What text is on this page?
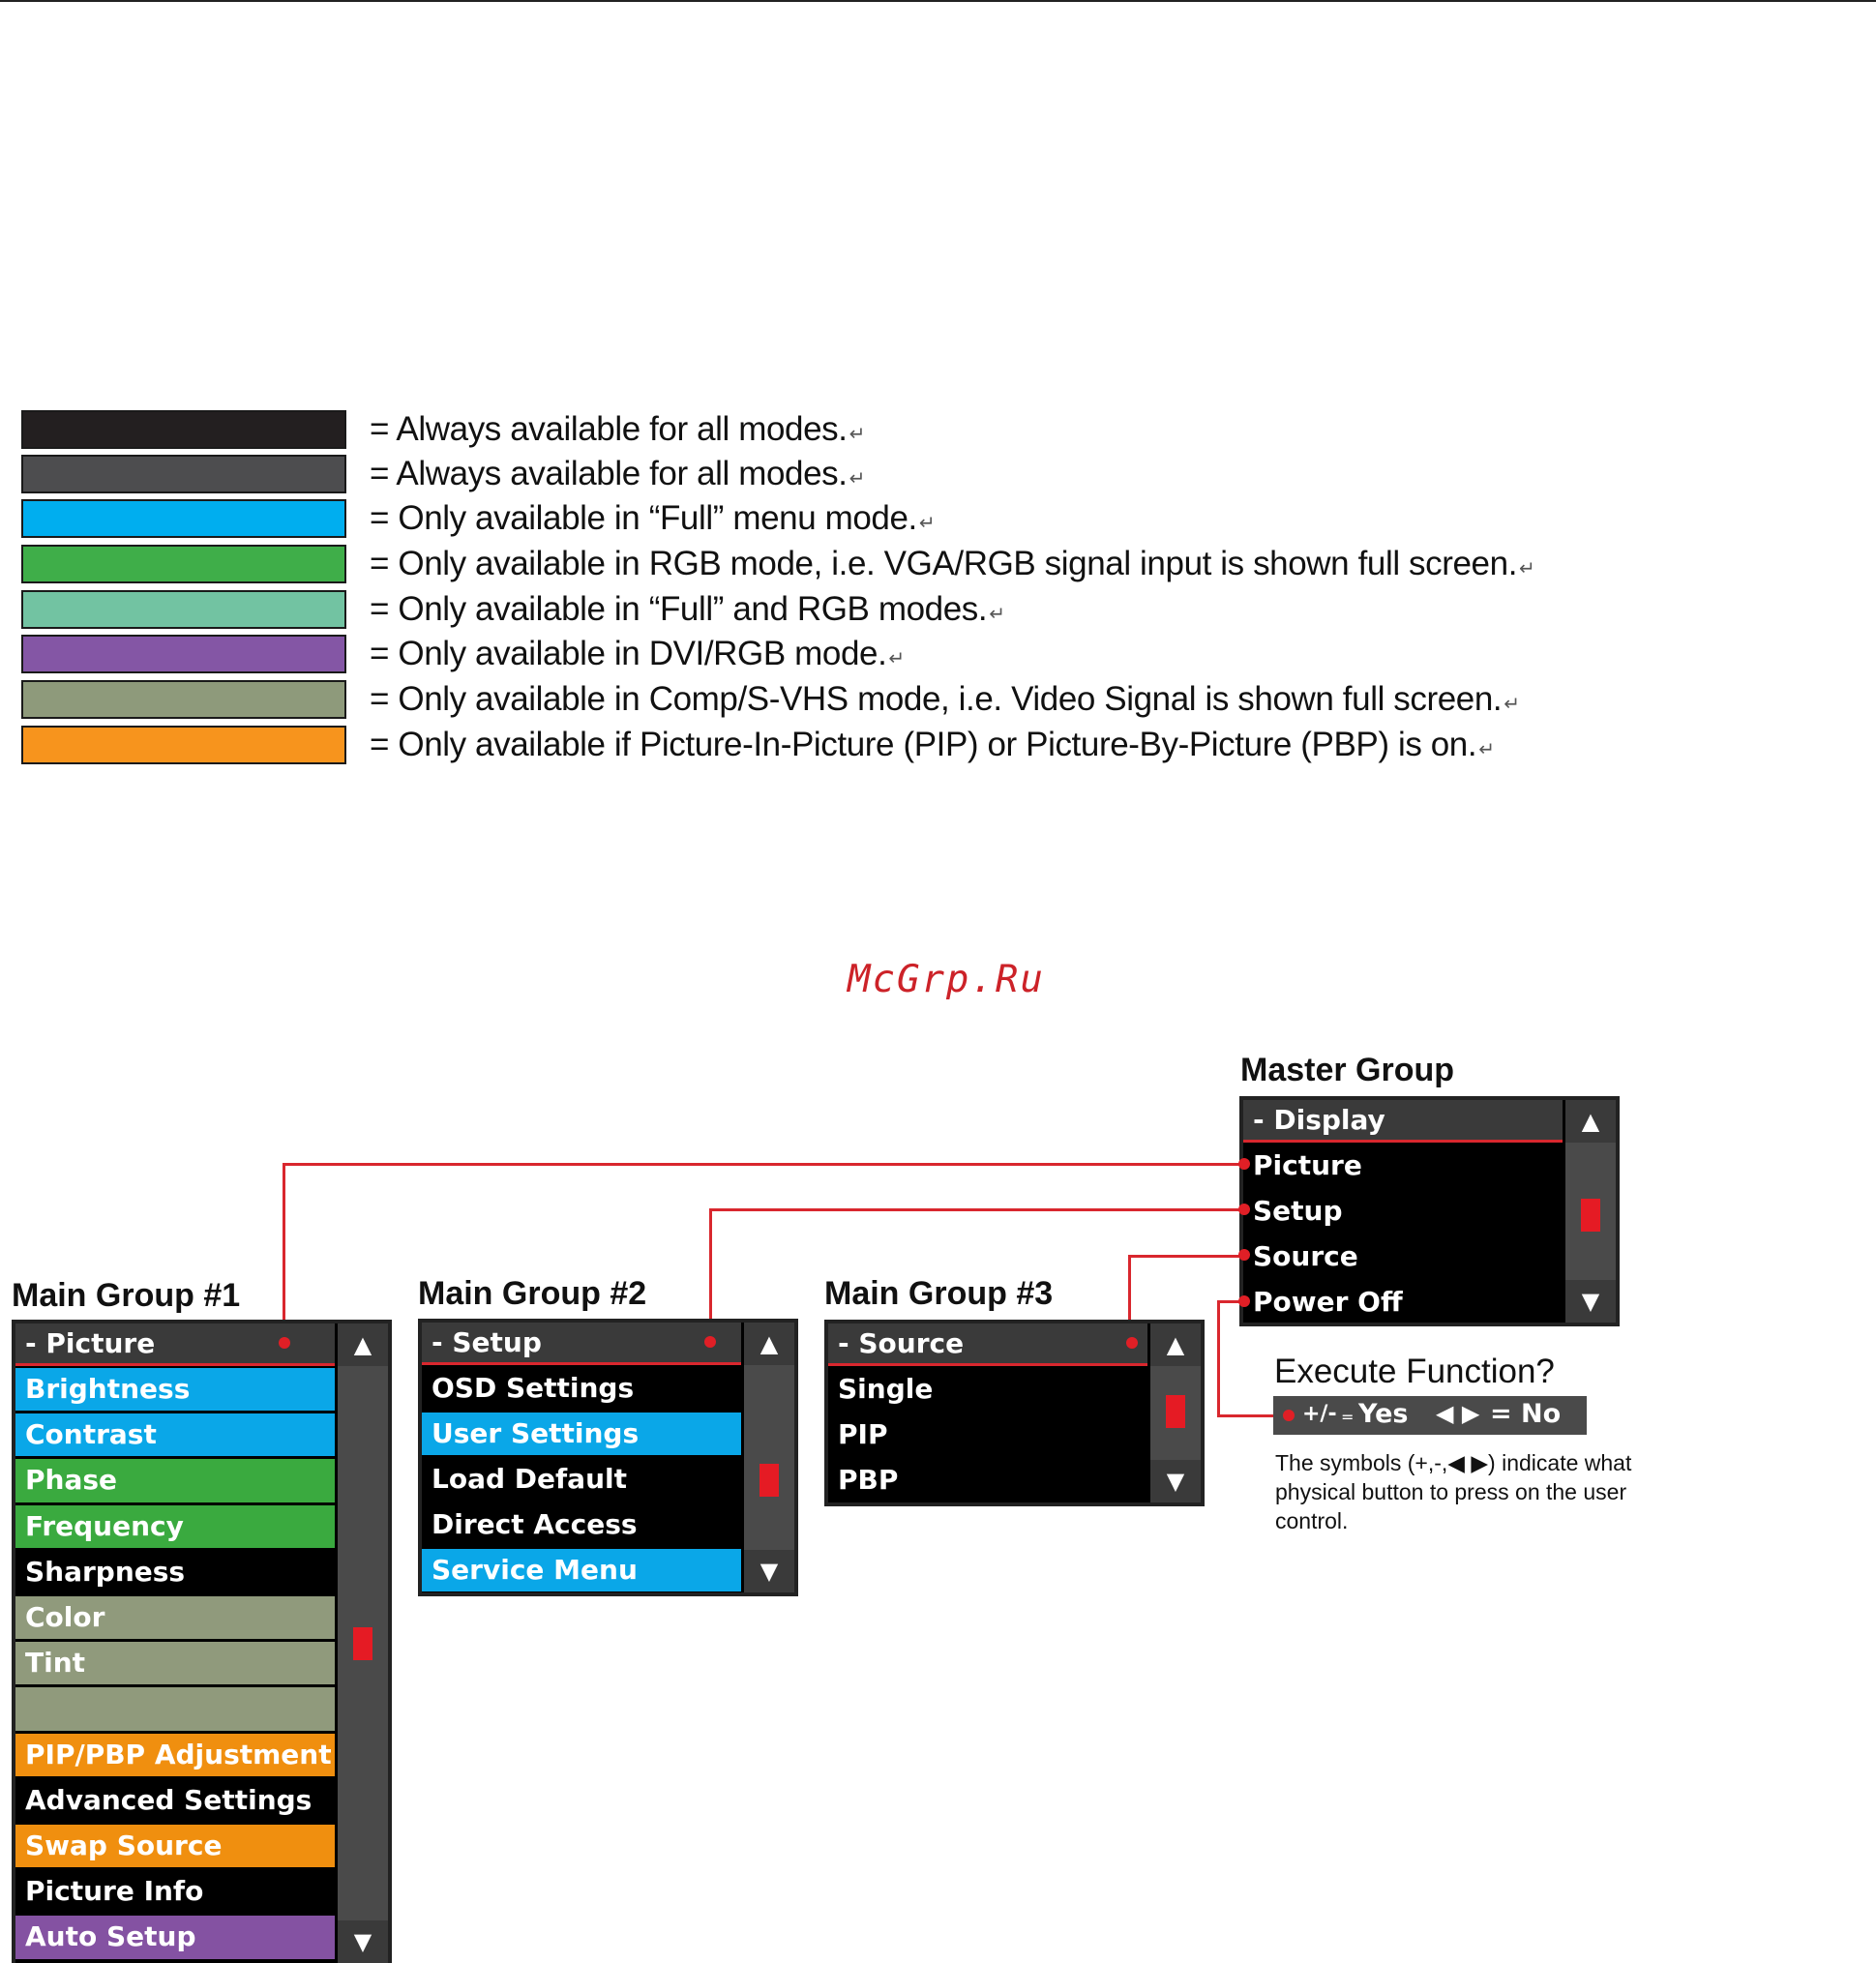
= Always available for all modes. ↵
= Always available for all modes. ↵
= Only available in “Full” menu mode. ↵
= Only available in RGB mode, i.e. VGA/RGB signal input is shown full screen. ↵
= Only available in “Full” and RGB modes. ↵
= Only available in DVI/RGB mode. ↵
= Only available in Comp/S-VHS mode, i.e. Video Signal is shown full screen. ↵
= Only available if Picture-In-Picture (PIP) or Picture-By-Picture (PBP) is on. ↵
McGrp.Ru
Master Group
- Display
Picture
Setup
Source
Power Off
▲
▼
Main Group #1
- Picture
Brightness
Contrast
Phase
Frequency
Sharpness
Color
Tint
PIP/PBP Adjustment
Advanced Settings
Swap Source
Picture Info
Auto Setup
▲
▼
Main Group #2
- Setup
OSD Settings
User Settings
Load Default
Direct Access
Service Menu
▲
▼
Main Group #3
- Source
Single
PIP
PBP
▲
▼
Execute Function?
+/- = Yes ◀ ▶ = No
The symbols (+,-,◀ ▶) indicate what physical button to press on the user control.
